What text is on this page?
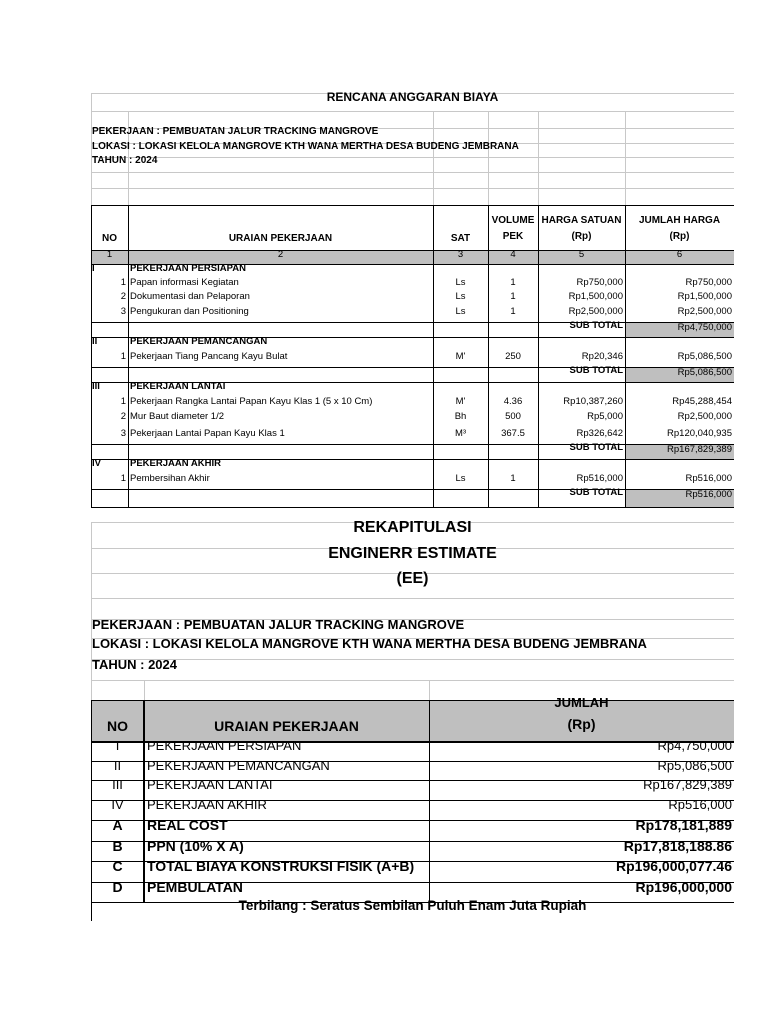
RENCANA ANGGARAN BIAYA
PEKERJAAN : PEMBUATAN JALUR TRACKING MANGROVE
LOKASI : LOKASI KELOLA MANGROVE KTH WANA MERTHA DESA BUDENG JEMBRANA
TAHUN : 2024
NO	URAIAN PEKERJAAN	SAT
VOLUME
PEK
HARGA SATUAN
(Rp)
JUMLAH HARGA
(Rp)
1	2	3	4	5	6
I	PEKERJAAN PERSIAPAN
1 Papan informasi Kegiatan	Ls	1	Rp750,000	Rp750,000
2 Dokumentasi dan Pelaporan	Ls	1	Rp1,500,000	Rp1,500,000
3 Pengukuran dan Positioning	Ls	1	Rp2,500,000	Rp2,500,000
SUB TOTAL	Rp4,750,000
II	PEKERJAAN PEMANCANGAN
1 Pekerjaan Tiang Pancang Kayu Bulat	M'	250	Rp20,346	Rp5,086,500
SUB TOTAL	Rp5,086,500
III	PEKERJAAN LANTAI
1 Pekerjaan Rangka Lantai Papan Kayu Klas 1 (5 x 10 Cm)	M'	4.36	Rp10,387,260	Rp45,288,454
2 Mur Baut diameter 1/2	Bh	500	Rp5,000	Rp2,500,000
3 Pekerjaan Lantai Papan Kayu Klas 1	M³	367.5	Rp326,642	Rp120,040,935
SUB TOTAL	Rp167,829,389
IV	PEKERJAAN AKHIR
1 Pembersihan Akhir	Ls	1	Rp516,000	Rp516,000
SUB TOTAL	Rp516,000
REKAPITULASI
ENGINERR ESTIMATE
(EE)
PEKERJAAN : PEMBUATAN JALUR TRACKING MANGROVE
LOKASI : LOKASI KELOLA MANGROVE KTH WANA MERTHA DESA BUDENG JEMBRANA
TAHUN : 2024
NO	URAIAN PEKERJAAN
JUMLAH
(Rp)
I	PEKERJAAN PERSIAPAN	Rp4,750,000
II	PEKERJAAN PEMANCANGAN	Rp5,086,500
III	PEKERJAAN LANTAI	Rp167,829,389
IV	PEKERJAAN AKHIR	Rp516,000
A	REAL COST	Rp178,181,889
B	PPN (10% X A)	Rp17,818,188.86
C	TOTAL BIAYA KONSTRUKSI FISIK (A+B)	Rp196,000,077.46
D	PEMBULATAN	Rp196,000,000
Terbilang : Seratus Sembilan Puluh Enam Juta Rupiah
